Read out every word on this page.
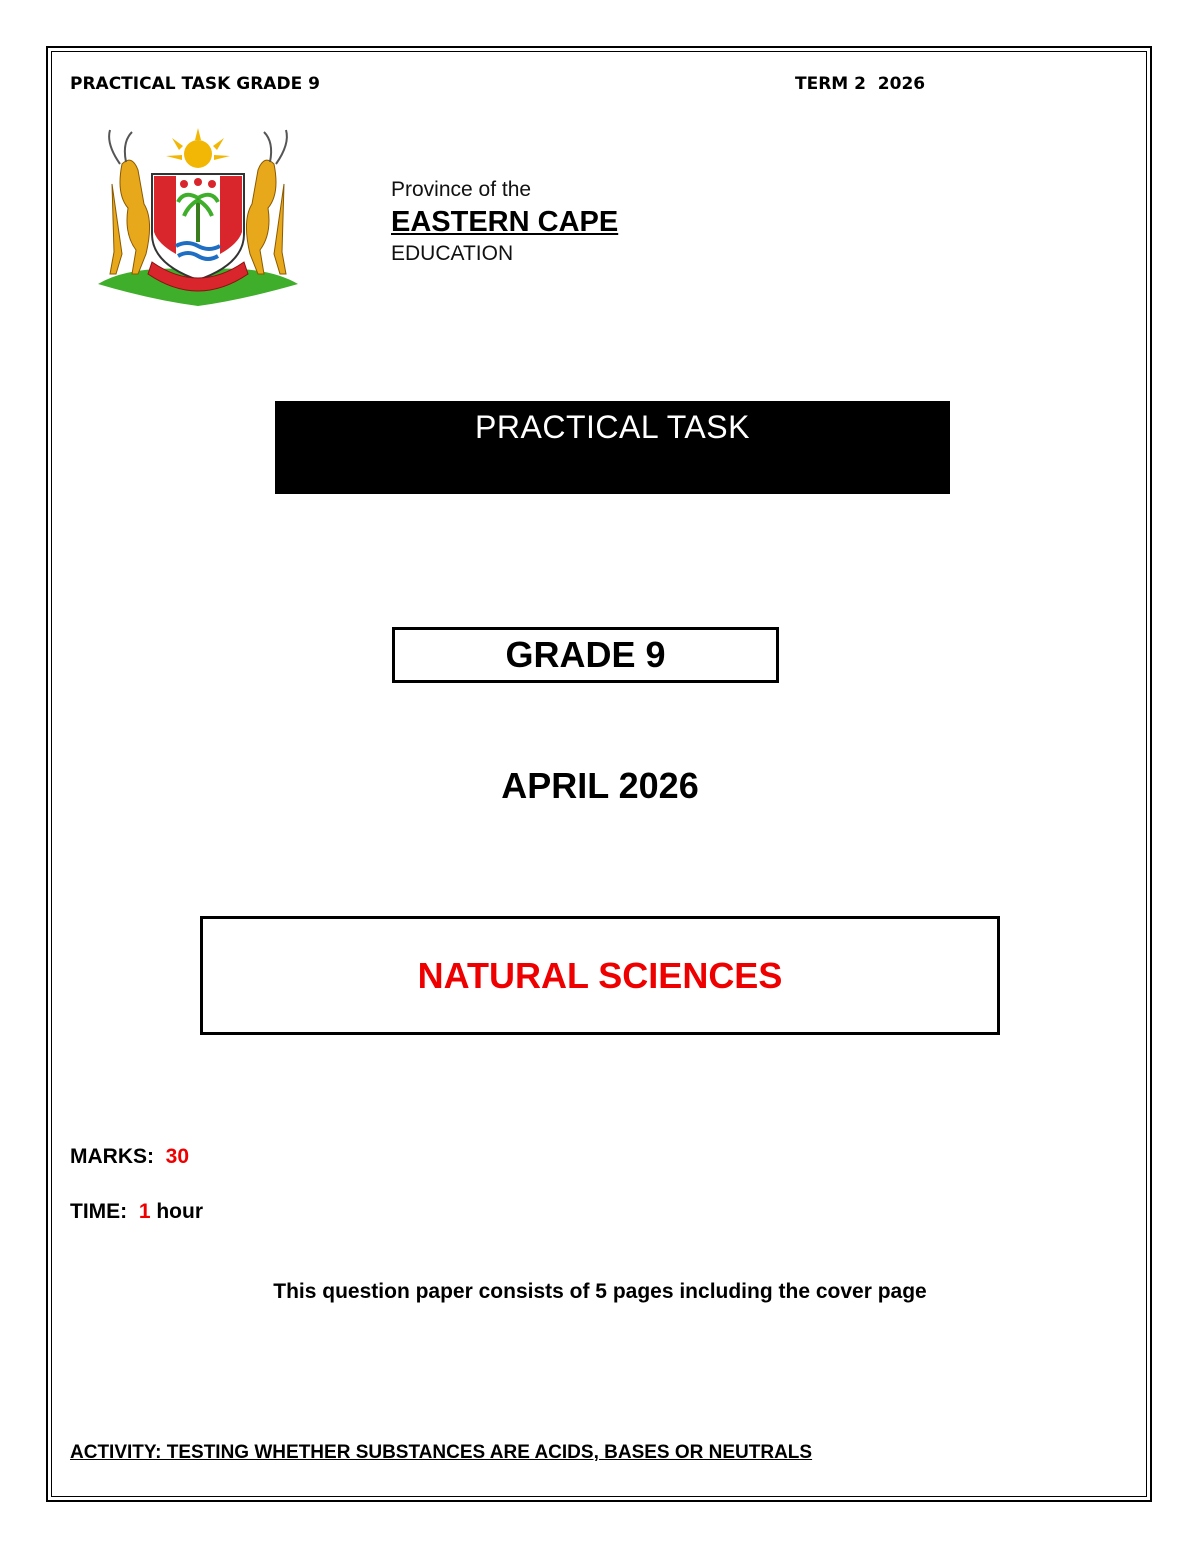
PRACTICAL TASK GRADE 9	TERM 2  2026
Province of the
EASTERN CAPE
EDUCATION
PRACTICAL TASK
GRADE 9
APRIL 2026
NATURAL SCIENCES
MARKS: 30
TIME: 1 hour
This question paper consists of 5 pages including the cover page
ACTIVITY: TESTING WHETHER SUBSTANCES ARE ACIDS, BASES OR NEUTRALS
